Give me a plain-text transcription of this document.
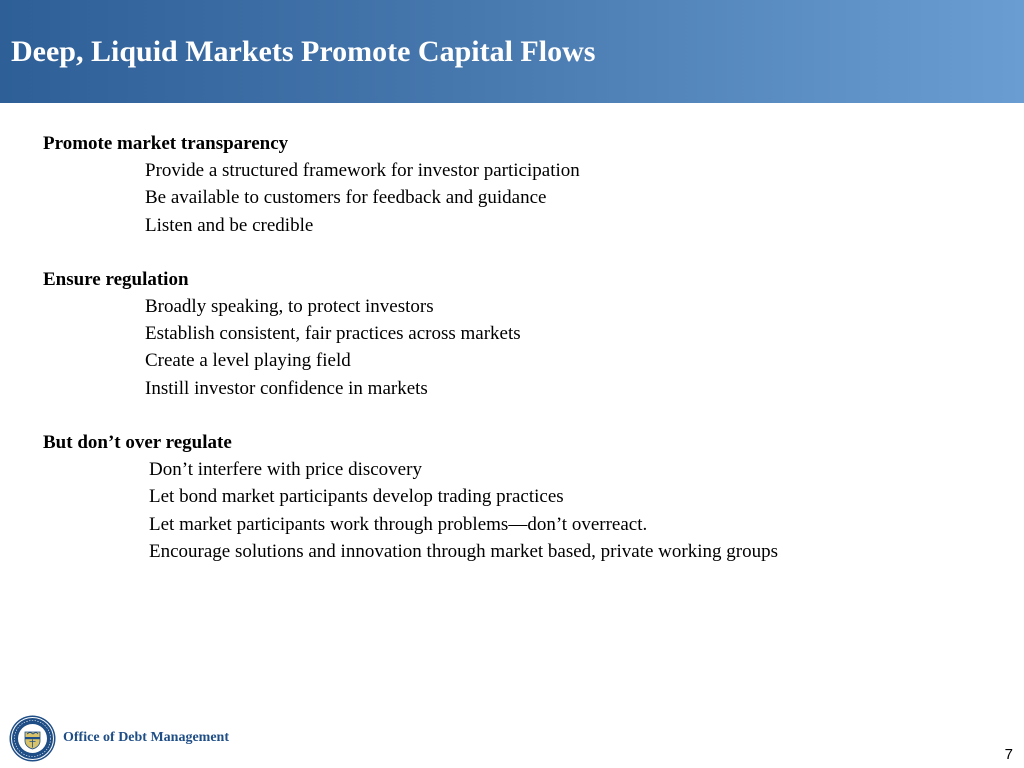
Deep, Liquid Markets Promote Capital Flows
Promote market transparency
Provide a structured framework for investor participation
Be available to customers for feedback and guidance
Listen and be credible
Ensure regulation
Broadly speaking, to protect investors
Establish consistent, fair practices across markets
Create a level playing field
Instill investor confidence in markets
But don’t over regulate
Don’t interfere with price discovery
Let bond market participants develop trading practices
Let market participants work through problems—don’t overreact.
Encourage solutions and innovation through market based, private working groups
Office of Debt Management
7
